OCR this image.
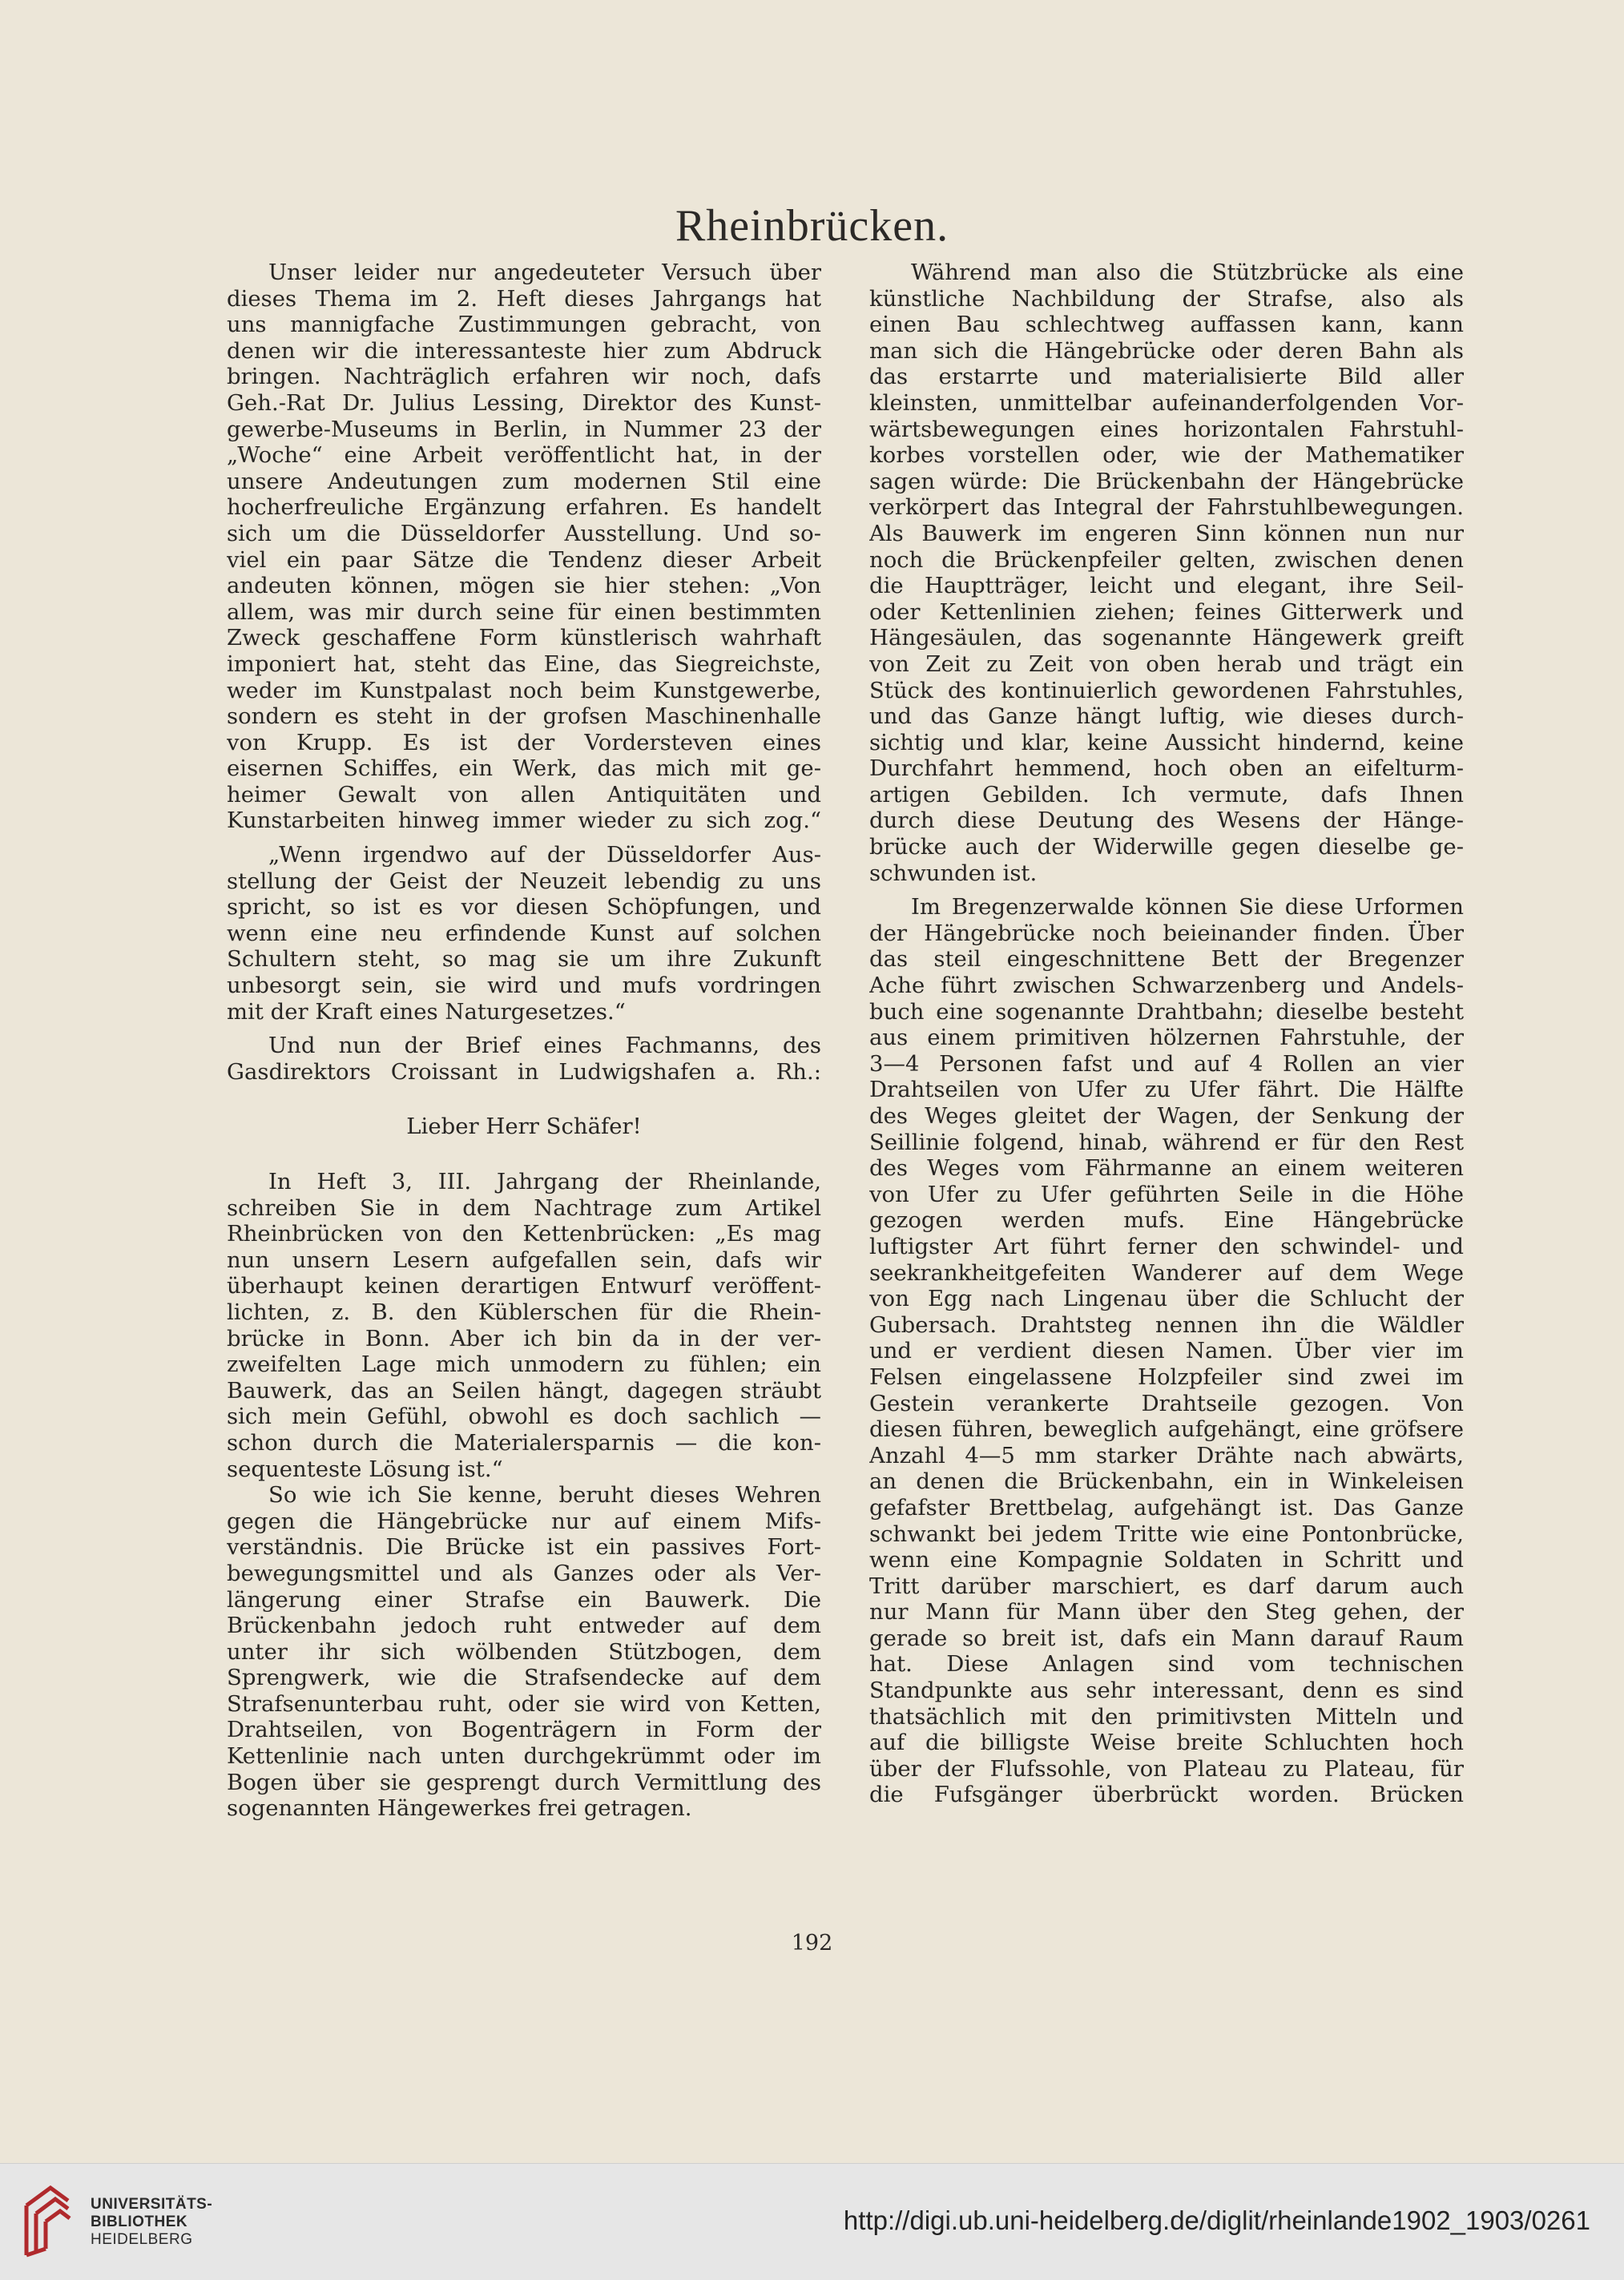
Rheinbrücken.
Unser leider nur angedeuteter Versuch über
dieses Thema im 2. Heft dieses Jahrgangs hat
uns mannigfache Zustimmungen gebracht, von
denen wir die interessanteste hier zum Abdruck
bringen. Nachträglich erfahren wir noch, dafs
Geh.-Rat Dr. Julius Lessing, Direktor des Kunst-
gewerbe-Museums in Berlin, in Nummer 23 der
„Woche“ eine Arbeit veröffentlicht hat, in der
unsere Andeutungen zum modernen Stil eine
hocherfreuliche Ergänzung erfahren. Es handelt
sich um die Düsseldorfer Ausstellung. Und so-
viel ein paar Sätze die Tendenz dieser Arbeit
andeuten können, mögen sie hier stehen: „Von
allem, was mir durch seine für einen bestimmten
Zweck geschaffene Form künstlerisch wahrhaft
imponiert hat, steht das Eine, das Siegreichste,
weder im Kunstpalast noch beim Kunstgewerbe,
sondern es steht in der grofsen Maschinenhalle
von Krupp. Es ist der Vordersteven eines
eisernen Schiffes, ein Werk, das mich mit ge-
heimer Gewalt von allen Antiquitäten und
Kunstarbeiten hinweg immer wieder zu sich zog.“
„Wenn irgendwo auf der Düsseldorfer Aus-
stellung der Geist der Neuzeit lebendig zu uns
spricht, so ist es vor diesen Schöpfungen, und
wenn eine neu erfindende Kunst auf solchen
Schultern steht, so mag sie um ihre Zukunft
unbesorgt sein, sie wird und mufs vordringen
mit der Kraft eines Naturgesetzes.“
Und nun der Brief eines Fachmanns, des
Gasdirektors Croissant in Ludwigshafen a. Rh.:
Lieber Herr Schäfer!
In Heft 3, III. Jahrgang der Rheinlande,
schreiben Sie in dem Nachtrage zum Artikel
Rheinbrücken von den Kettenbrücken: „Es mag
nun unsern Lesern aufgefallen sein, dafs wir
überhaupt keinen derartigen Entwurf veröffent-
lichten, z. B. den Küblerschen für die Rhein-
brücke in Bonn. Aber ich bin da in der ver-
zweifelten Lage mich unmodern zu fühlen; ein
Bauwerk, das an Seilen hängt, dagegen sträubt
sich mein Gefühl, obwohl es doch sachlich —
schon durch die Materialersparnis — die kon-
sequenteste Lösung ist.“
So wie ich Sie kenne, beruht dieses Wehren
gegen die Hängebrücke nur auf einem Mifs-
verständnis. Die Brücke ist ein passives Fort-
bewegungsmittel und als Ganzes oder als Ver-
längerung einer Strafse ein Bauwerk. Die
Brückenbahn jedoch ruht entweder auf dem
unter ihr sich wölbenden Stützbogen, dem
Sprengwerk, wie die Strafsendecke auf dem
Strafsenunterbau ruht, oder sie wird von Ketten,
Drahtseilen, von Bogenträgern in Form der
Kettenlinie nach unten durchgekrümmt oder im
Bogen über sie gesprengt durch Vermittlung des
sogenannten Hängewerkes frei getragen.
Während man also die Stützbrücke als eine
künstliche Nachbildung der Strafse, also als
einen Bau schlechtweg auffassen kann, kann
man sich die Hängebrücke oder deren Bahn als
das erstarrte und materialisierte Bild aller
kleinsten, unmittelbar aufeinanderfolgenden Vor-
wärtsbewegungen eines horizontalen Fahrstuhl-
korbes vorstellen oder, wie der Mathematiker
sagen würde: Die Brückenbahn der Hängebrücke
verkörpert das Integral der Fahrstuhlbewegungen.
Als Bauwerk im engeren Sinn können nun nur
noch die Brückenpfeiler gelten, zwischen denen
die Hauptträger, leicht und elegant, ihre Seil-
oder Kettenlinien ziehen; feines Gitterwerk und
Hängesäulen, das sogenannte Hängewerk greift
von Zeit zu Zeit von oben herab und trägt ein
Stück des kontinuierlich gewordenen Fahrstuhles,
und das Ganze hängt luftig, wie dieses durch-
sichtig und klar, keine Aussicht hindernd, keine
Durchfahrt hemmend, hoch oben an eifelturm-
artigen Gebilden. Ich vermute, dafs Ihnen
durch diese Deutung des Wesens der Hänge-
brücke auch der Widerwille gegen dieselbe ge-
schwunden ist.
Im Bregenzerwalde können Sie diese Urformen
der Hängebrücke noch beieinander finden. Über
das steil eingeschnittene Bett der Bregenzer
Ache führt zwischen Schwarzenberg und Andels-
buch eine sogenannte Drahtbahn; dieselbe besteht
aus einem primitiven hölzernen Fahrstuhle, der
3—4 Personen fafst und auf 4 Rollen an vier
Drahtseilen von Ufer zu Ufer fährt. Die Hälfte
des Weges gleitet der Wagen, der Senkung der
Seillinie folgend, hinab, während er für den Rest
des Weges vom Fährmanne an einem weiteren
von Ufer zu Ufer geführten Seile in die Höhe
gezogen werden mufs. Eine Hängebrücke
luftigster Art führt ferner den schwindel- und
seekrankheitgefeiten Wanderer auf dem Wege
von Egg nach Lingenau über die Schlucht der
Gubersach. Drahtsteg nennen ihn die Wäldler
und er verdient diesen Namen. Über vier im
Felsen eingelassene Holzpfeiler sind zwei im
Gestein verankerte Drahtseile gezogen. Von
diesen führen, beweglich aufgehängt, eine gröfsere
Anzahl 4—5 mm starker Drähte nach abwärts,
an denen die Brückenbahn, ein in Winkeleisen
gefafster Brettbelag, aufgehängt ist. Das Ganze
schwankt bei jedem Tritte wie eine Pontonbrücke,
wenn eine Kompagnie Soldaten in Schritt und
Tritt darüber marschiert, es darf darum auch
nur Mann für Mann über den Steg gehen, der
gerade so breit ist, dafs ein Mann darauf Raum
hat. Diese Anlagen sind vom technischen
Standpunkte aus sehr interessant, denn es sind
thatsächlich mit den primitivsten Mitteln und
auf die billigste Weise breite Schluchten hoch
über der Flufssohle, von Plateau zu Plateau, für
die Fufsgänger überbrückt worden. Brücken
192
UNIVERSITÄTS-
BIBLIOTHEK
HEIDELBERG
http://digi.ub.uni-heidelberg.de/diglit/rheinlande1902_1903/0261
